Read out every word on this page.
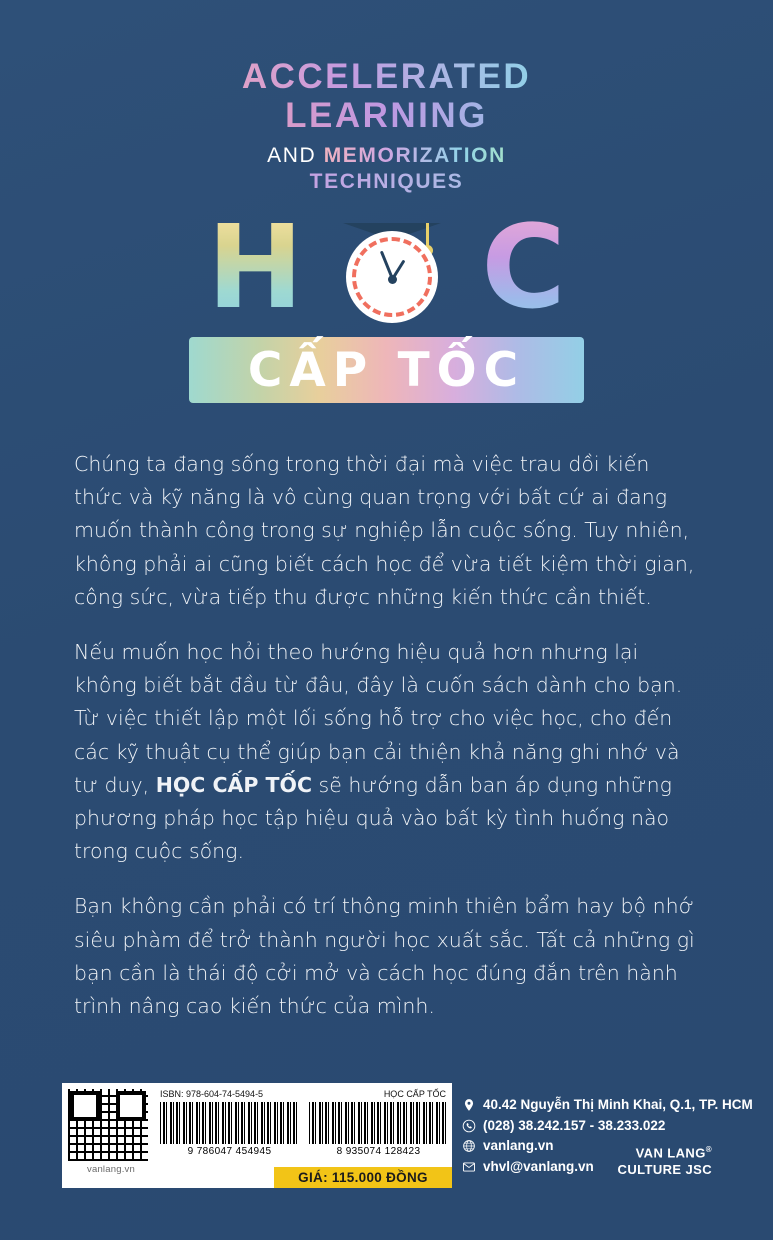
ACCELERATED
LEARNING
AND MEMORIZATION
TECHNIQUES
H C
CẤP TỐC

Chúng ta đang sống trong thời đại mà việc trau dồi kiến thức và kỹ năng là vô cùng quan trọng với bất cứ ai đang muốn thành công trong sự nghiệp lẫn cuộc sống. Tuy nhiên, không phải ai cũng biết cách học để vừa tiết kiệm thời gian, công sức, vừa tiếp thu được những kiến thức cần thiết.

Nếu muốn học hỏi theo hướng hiệu quả hơn nhưng lại không biết bắt đầu từ đâu, đây là cuốn sách dành cho bạn. Từ việc thiết lập một lối sống hỗ trợ cho việc học, cho đến các kỹ thuật cụ thể giúp bạn cải thiện khả năng ghi nhớ và tư duy, HỌC CẤP TỐC sẽ hướng dẫn ban áp dụng những phương pháp học tập hiệu quả vào bất kỳ tình huống nào trong cuộc sống.

Bạn không cần phải có trí thông minh thiên bẩm hay bộ nhớ siêu phàm để trở thành người học xuất sắc. Tất cả những gì bạn cần là thái độ cởi mở và cách học đúng đắn trên hành trình nâng cao kiến thức của mình.

vanlang.vn
ISBN: 978-604-74-5494-5	HỌC CẤP TỐC
9 786047 454945	8 935074 128423
GIÁ: 115.000 ĐỒNG
40.42 Nguyễn Thị Minh Khai, Q.1, TP. HCM
(028) 38.242.157 - 38.233.022
vanlang.vn
vhvl@vanlang.vn
VAN LANG®
CULTURE JSC
